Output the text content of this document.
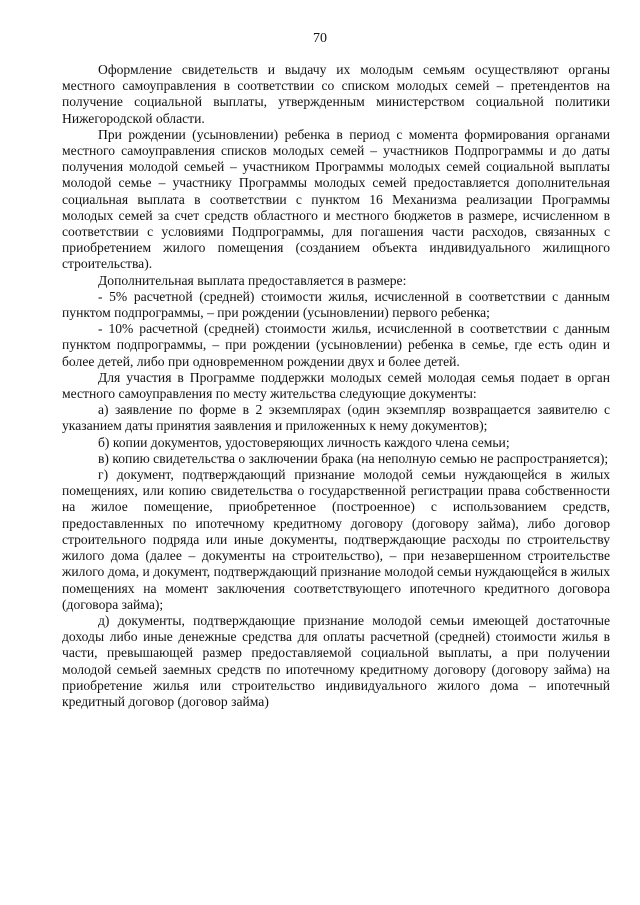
70

Оформление свидетельств и выдачу их молодым семьям осуществляют органы местного самоуправления в соответствии со списком молодых семей – претендентов на получение социальной выплаты, утвержденным министерством социальной политики Нижегородской области.

При рождении (усыновлении) ребенка в период с момента формирования органами местного самоуправления списков молодых семей – участников Подпрограммы и до даты получения молодой семьей – участником Программы молодых семей социальной выплаты молодой семье – участнику Программы молодых семей предоставляется дополнительная социальная выплата в соответствии с пунктом 16 Механизма реализации Программы молодых семей за счет средств областного и местного бюджетов в размере, исчисленном в соответствии с условиями Подпрограммы, для погашения части расходов, связанных с приобретением жилого помещения (созданием объекта индивидуального жилищного строительства).

Дополнительная выплата предоставляется в размере:

- 5% расчетной (средней) стоимости жилья, исчисленной в соответствии с данным пунктом подпрограммы, – при рождении (усыновлении) первого ребенка;

- 10% расчетной (средней) стоимости жилья, исчисленной в соответствии с данным пунктом подпрограммы, – при рождении (усыновлении) ребенка в семье, где есть один и более детей, либо при одновременном рождении двух и более детей.

Для участия в Программе поддержки молодых семей молодая семья подает в орган местного самоуправления по месту жительства следующие документы:

а) заявление по форме в 2 экземплярах (один экземпляр возвращается заявителю с указанием даты принятия заявления и приложенных к нему документов);

б) копии документов, удостоверяющих личность каждого члена семьи;

в) копию свидетельства о заключении брака (на неполную семью не распространяется);

г) документ, подтверждающий признание молодой семьи нуждающейся в жилых помещениях, или копию свидетельства о государственной регистрации права собственности на жилое помещение, приобретенное (построенное) с использованием средств, предоставленных по ипотечному кредитному договору (договору займа), либо договор строительного подряда или иные документы, подтверждающие расходы по строительству жилого дома (далее – документы на строительство), – при незавершенном строительстве жилого дома, и документ, подтверждающий признание молодой семьи нуждающейся в жилых помещениях на момент заключения соответствующего ипотечного кредитного договора (договора займа);

д) документы, подтверждающие признание молодой семьи имеющей достаточные доходы либо иные денежные средства для оплаты расчетной (средней) стоимости жилья в части, превышающей размер предоставляемой социальной выплаты, а при получении молодой семьей заемных средств по ипотечному кредитному договору (договору займа) на приобретение жилья или строительство индивидуального жилого дома – ипотечный кредитный договор (договор займа)
